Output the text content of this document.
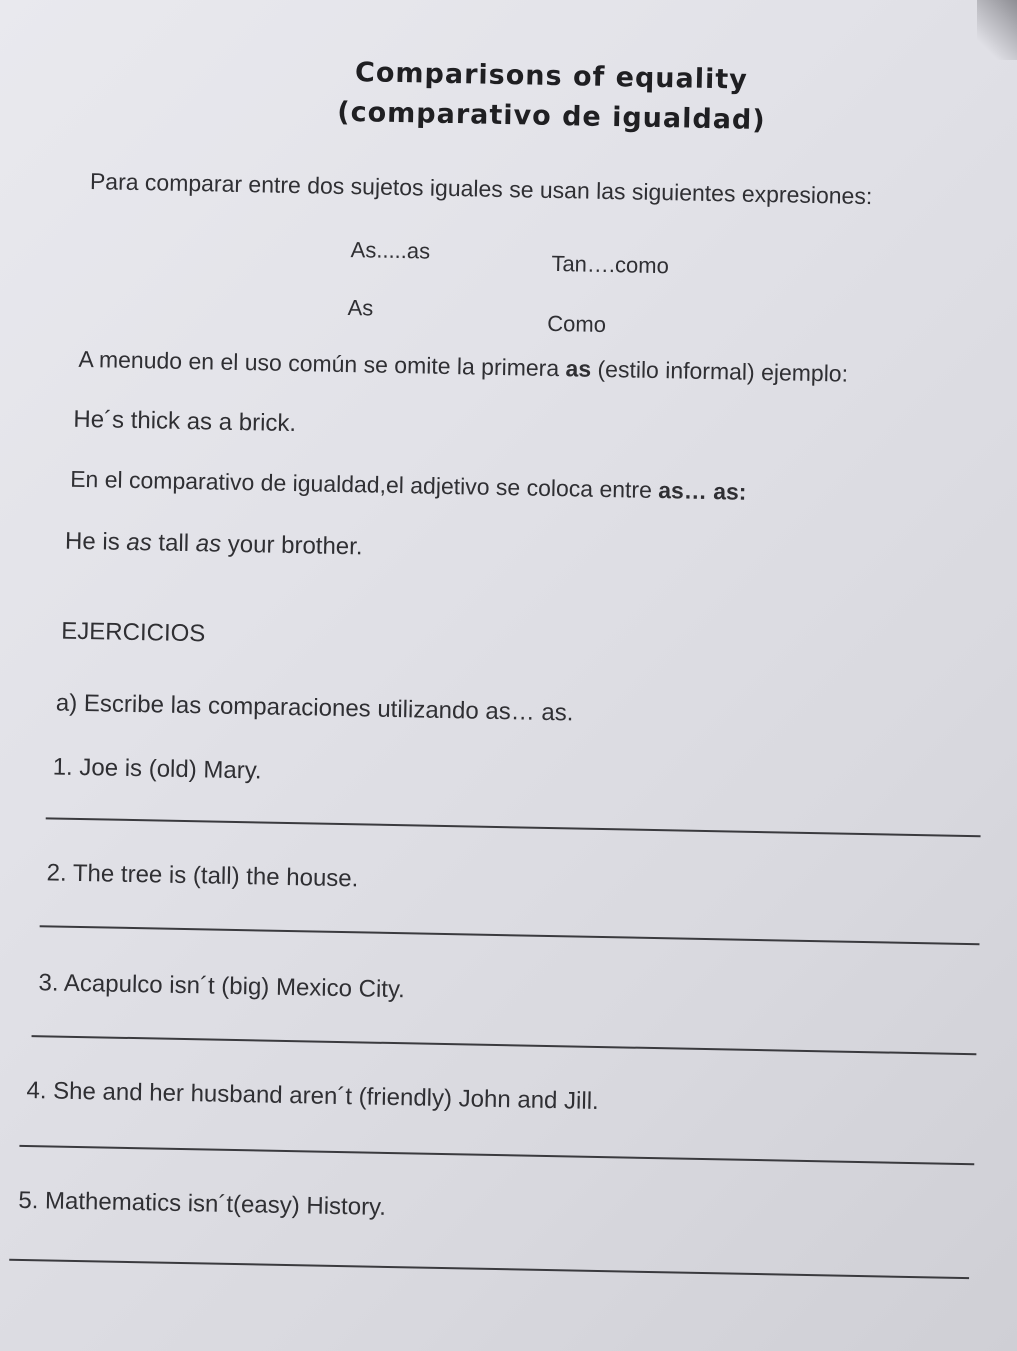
Comparisons of equality
(comparativo de igualdad)
Para comparar entre dos sujetos iguales se usan las siguientes expresiones:
As.....as
Tan….como
As
Como
A menudo en el uso común se omite la primera as (estilo informal) ejemplo:
He´s thick as a brick.
En el comparativo de igualdad,el adjetivo se coloca entre as… as:
He is as tall as your brother.
EJERCICIOS
a) Escribe las comparaciones utilizando as… as.
1. Joe is (old) Mary.
2. The tree is (tall) the house.
3. Acapulco isn´t (big) Mexico City.
4. She and her husband aren´t (friendly) John and Jill.
5. Mathematics isn´t(easy) History.
